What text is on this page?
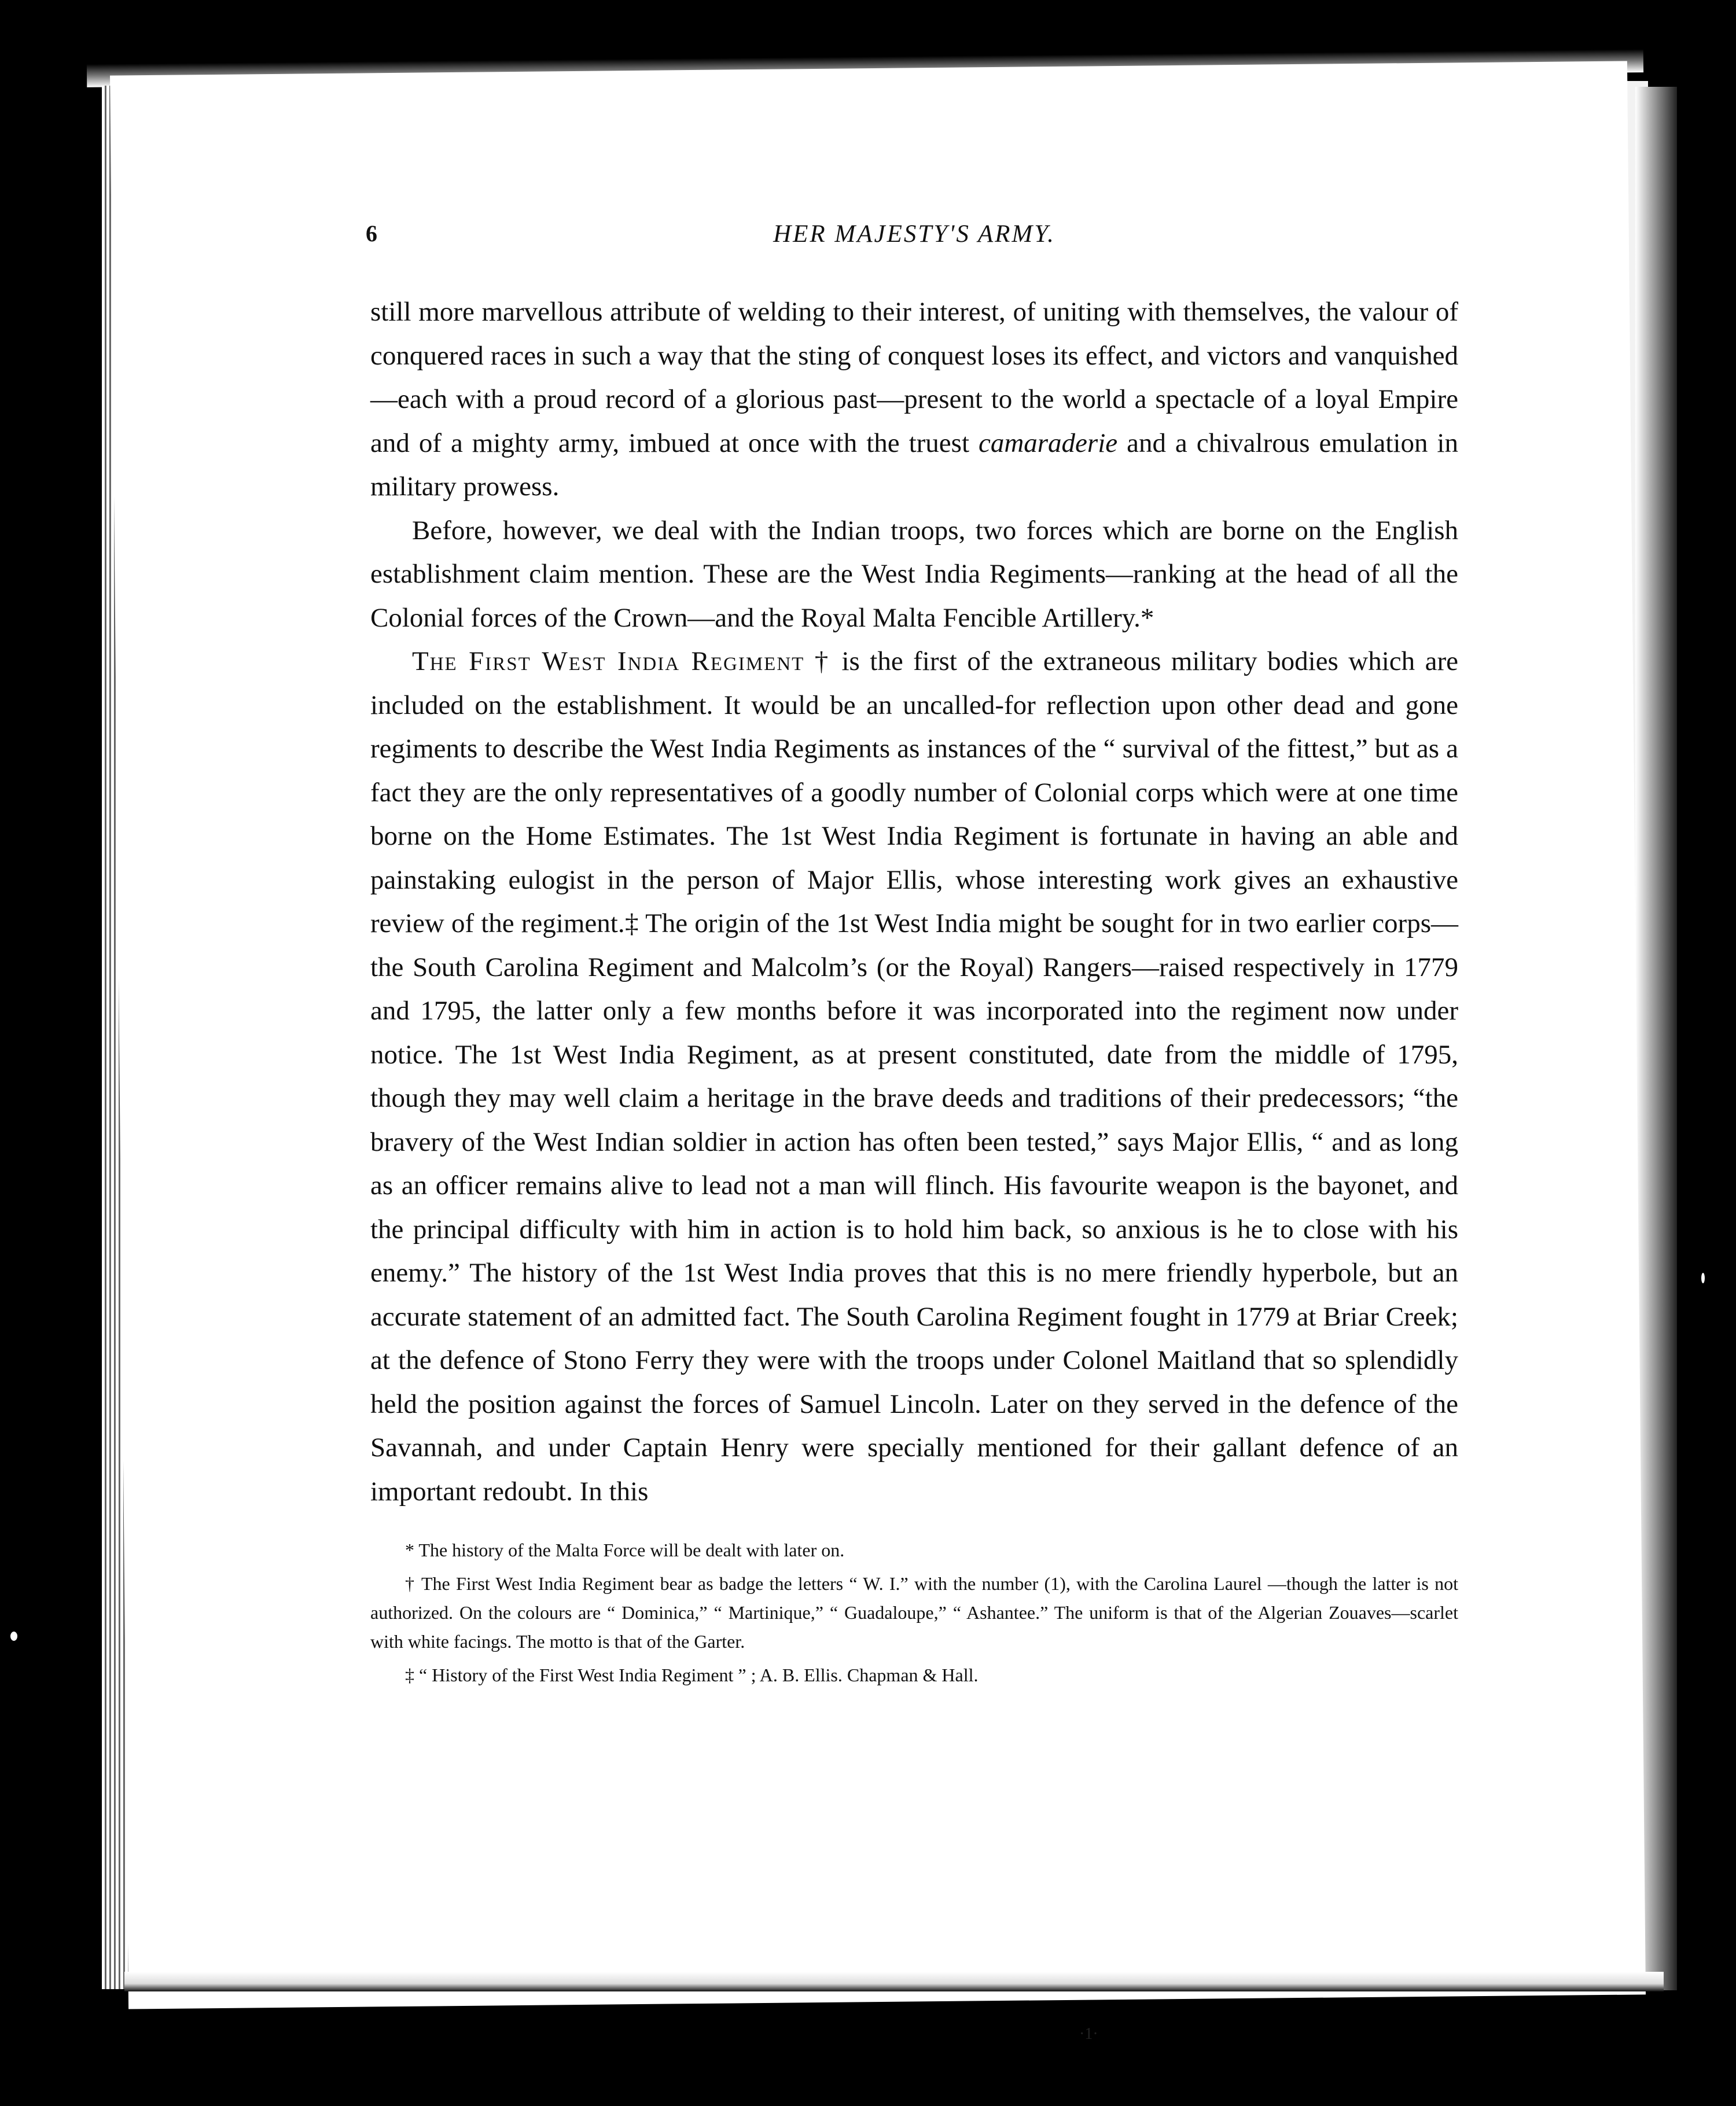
6	HER MAJESTY'S ARMY.

still more marvellous attribute of welding to their interest, of uniting with themselves, the valour of conquered races in such a way that the sting of conquest loses its effect, and victors and vanquished—each with a proud record of a glorious past—present to the world a spectacle of a loyal Empire and of a mighty army, imbued at once with the truest camaraderie and a chivalrous emulation in military prowess.

Before, however, we deal with the Indian troops, two forces which are borne on the English establishment claim mention. These are the West India Regiments—ranking at the head of all the Colonial forces of the Crown—and the Royal Malta Fencible Artillery.*

The First West India Regiment † is the first of the extraneous military bodies which are included on the establishment. It would be an uncalled-for reflection upon other dead and gone regiments to describe the West India Regiments as instances of the “ survival of the fittest,” but as a fact they are the only representatives of a goodly number of Colonial corps which were at one time borne on the Home Estimates. The 1st West India Regiment is fortunate in having an able and painstaking eulogist in the person of Major Ellis, whose interesting work gives an exhaustive review of the regiment.‡ The origin of the 1st West India might be sought for in two earlier corps—the South Carolina Regiment and Malcolm’s (or the Royal) Rangers—raised respectively in 1779 and 1795, the latter only a few months before it was incorporated into the regiment now under notice. The 1st West India Regiment, as at present constituted, date from the middle of 1795, though they may well claim a heritage in the brave deeds and traditions of their predecessors; “the bravery of the West Indian soldier in action has often been tested,” says Major Ellis, “ and as long as an officer remains alive to lead not a man will flinch. His favourite weapon is the bayonet, and the principal difficulty with him in action is to hold him back, so anxious is he to close with his enemy.” The history of the 1st West India proves that this is no mere friendly hyperbole, but an accurate statement of an admitted fact. The South Carolina Regiment fought in 1779 at Briar Creek; at the defence of Stono Ferry they were with the troops under Colonel Maitland that so splendidly held the position against the forces of Samuel Lincoln. Later on they served in the defence of the Savannah, and under Captain Henry were specially mentioned for their gallant defence of an important redoubt. In this

* The history of the Malta Force will be dealt with later on.

† The First West India Regiment bear as badge the letters “ W. I.” with the number (1), with the Carolina Laurel —though the latter is not authorized. On the colours are “ Dominica,” “ Martinique,” “ Guadaloupe,” “ Ashantee.” The uniform is that of the Algerian Zouaves—scarlet with white facings. The motto is that of the Garter.

‡ “ History of the First West India Regiment ” ; A. B. Ellis. Chapman & Hall.

·1·
